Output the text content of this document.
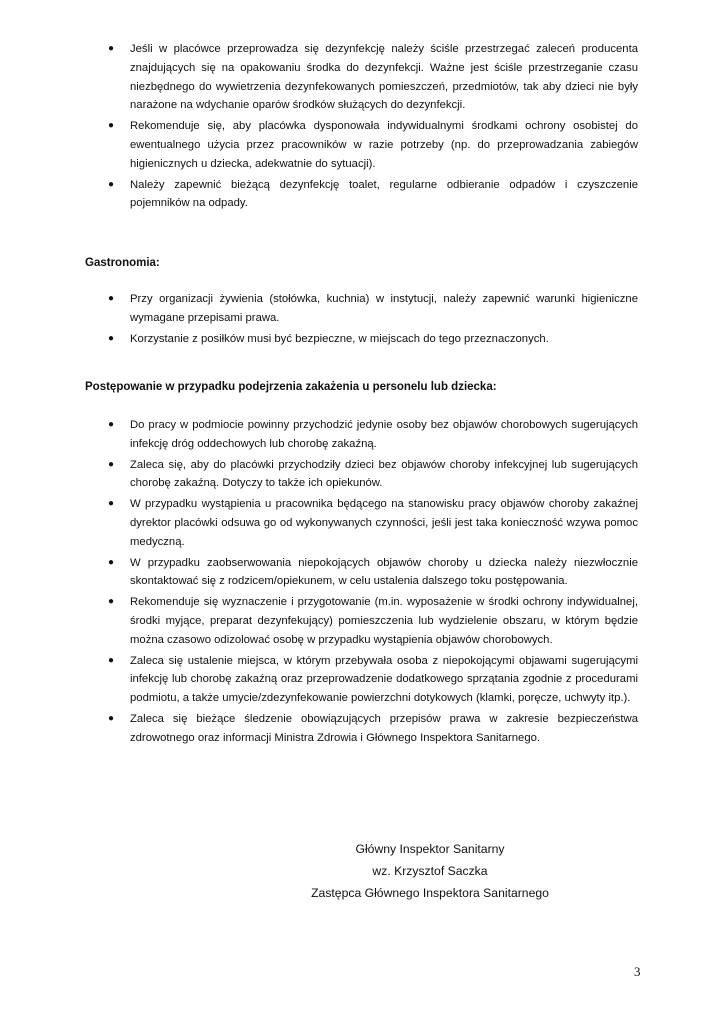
● Jeśli w placówce przeprowadza się dezynfekcję należy ściśle przestrzegać zaleceń producenta znajdujących się na opakowaniu środka do dezynfekcji. Ważne jest ściśle przestrzeganie czasu niezbędnego do wywietrzenia dezynfekowanych pomieszczeń, przedmiotów, tak aby dzieci nie były narażone na wdychanie oparów środków służących do dezynfekcji.
● Rekomenduje się, aby placówka dysponowała indywidualnymi środkami ochrony osobistej do ewentualnego użycia przez pracowników w razie potrzeby (np. do przeprowadzania zabiegów higienicznych u dziecka, adekwatnie do sytuacji).
● Należy zapewnić bieżącą dezynfekcję toalet, regularne odbieranie odpadów i czyszczenie pojemników na odpady.
Gastronomia:
● Przy organizacji żywienia (stołówka, kuchnia) w instytucji, należy zapewnić warunki higieniczne wymagane przepisami prawa.
● Korzystanie z posiłków musi być bezpieczne, w miejscach do tego przeznaczonych.
Postępowanie w przypadku podejrzenia zakażenia u personelu lub dziecka:
● Do pracy w podmiocie powinny przychodzić jedynie osoby bez objawów chorobowych sugerujących infekcję dróg oddechowych lub chorobę zakaźną.
● Zaleca się, aby do placówki przychodziły dzieci bez objawów choroby infekcyjnej lub sugerujących chorobę zakaźną. Dotyczy to także ich opiekunów.
● W przypadku wystąpienia u pracownika będącego na stanowisku pracy objawów choroby zakaźnej dyrektor placówki odsuwa go od wykonywanych czynności, jeśli jest taka konieczność wzywa pomoc medyczną.
● W przypadku zaobserwowania niepokojących objawów choroby u dziecka należy niezwłocznie skontaktować się z rodzicem/opiekunem, w celu ustalenia dalszego toku postępowania.
● Rekomenduje się wyznaczenie i przygotowanie (m.in. wyposażenie w środki ochrony indywidualnej, środki myjące, preparat dezynfekujący) pomieszczenia lub wydzielenie obszaru, w którym będzie można czasowo odizolować osobę w przypadku wystąpienia objawów chorobowych.
● Zaleca się ustalenie miejsca, w którym przebywała osoba z niepokojącymi objawami sugerującymi infekcję lub chorobę zakaźną oraz przeprowadzenie dodatkowego sprzątania zgodnie z procedurami podmiotu, a także umycie/zdezynfekowanie powierzchni dotykowych (klamki, poręcze, uchwyty itp.).
● Zaleca się bieżące śledzenie obowiązujących przepisów prawa w zakresie bezpieczeństwa zdrowotnego oraz informacji Ministra Zdrowia i Głównego Inspektora Sanitarnego.
Główny Inspektor Sanitarny
wz. Krzysztof Saczka
Zastępca Głównego Inspektora Sanitarnego
3
